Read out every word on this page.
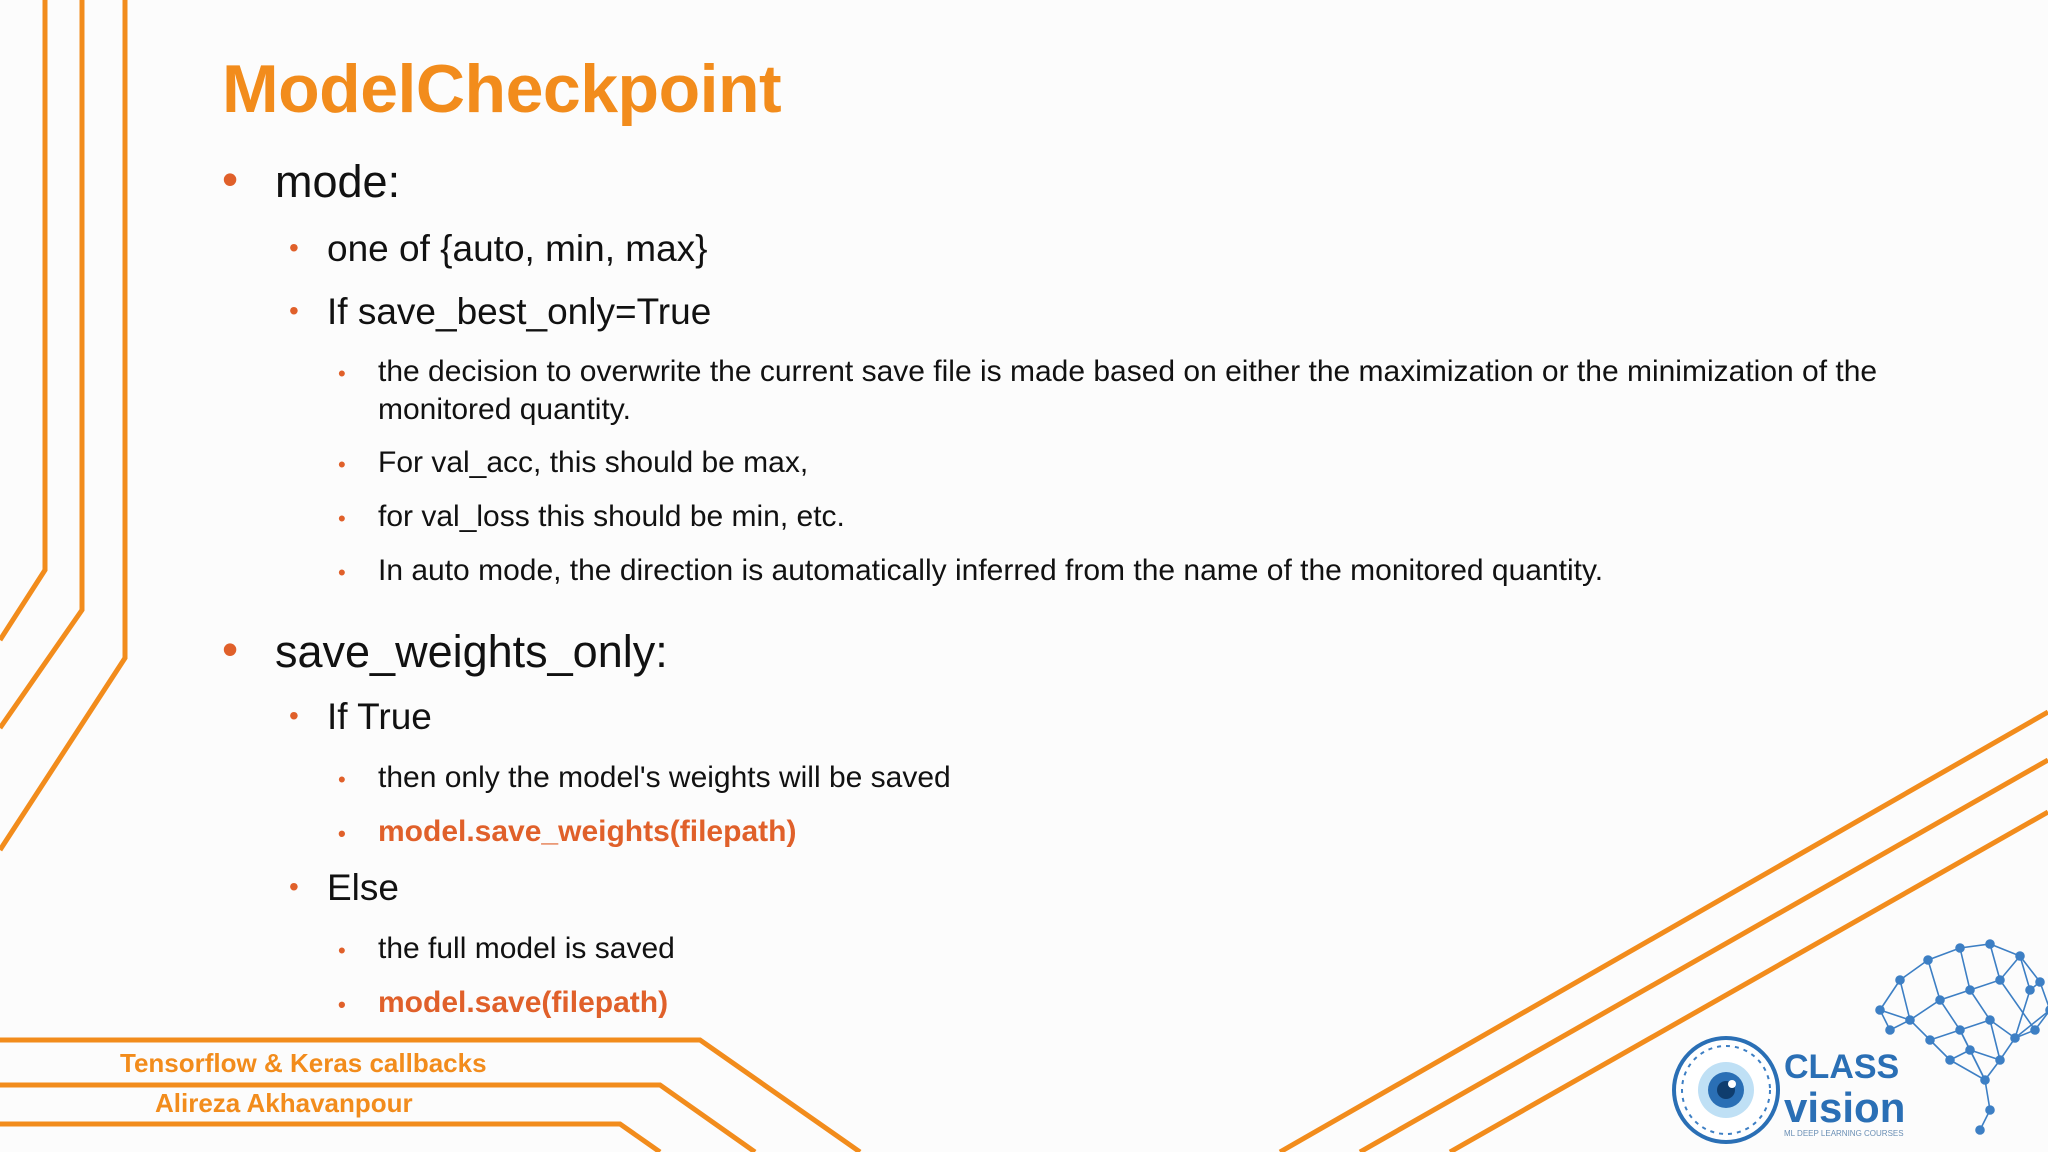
ModelCheckpoint
• mode:
• one of {auto, min, max}
• If save_best_only=True
• the decision to overwrite the current save file is made based on either the maximization or the minimization of the monitored quantity.
• For val_acc, this should be max,
• for val_loss this should be min, etc.
• In auto mode, the direction is automatically inferred from the name of the monitored quantity.
• save_weights_only:
• If True
• then only the model's weights will be saved
• model.save_weights(filepath)
• Else
• the full model is saved
• model.save(filepath)
Tensorflow & Keras callbacks
Alireza Akhavanpour
CLASS
vision
ML DEEP LEARNING COURSES
